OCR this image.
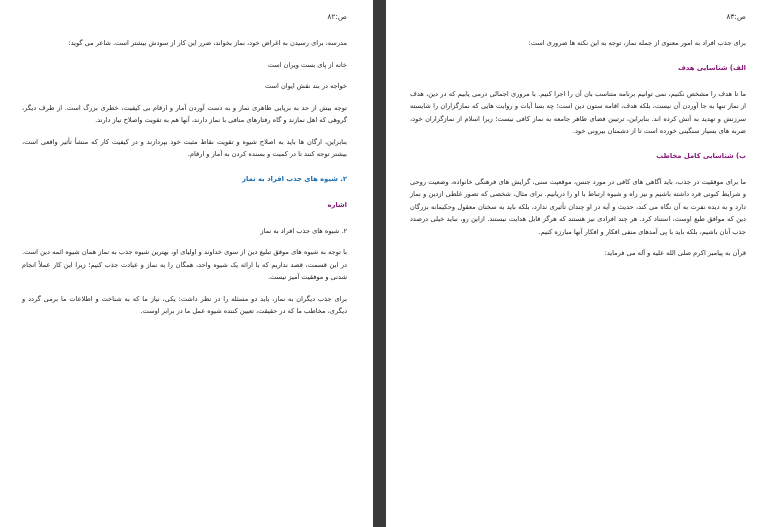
ص:۸۲

مدرسه، برای رسیدن به اغراض خود، نماز بخواند، ضرر این کار از سودش بیشتر است. شاعر می گوید:

خانه از پای بست ویران است

خواجه در بند نقش ایوان است

توجه بیش از حد به برپایی ظاهری نماز و به دست آوردن آمار و ارقام بی کیفیت، خطری بزرگ است. از طرف دیگر، گروهی که اهل نمازند و گاه رفتارهای منافی با نماز دارند، آنها هم به تقویت واصلاح نیاز دارند.

بنابراین، ارگان ها باید به اصلاح شیوه و تقویت نقاط مثبت خود بپردازند و در کیفیت کار که منشأ تأثیر واقعی است، بیشتر توجه کنند تا در کمیت و بسنده کردن به آمار و ارقام.

۲. شیوه های جذب افراد به نماز
اشاره

۲. شیوه های جذب افراد به نماز

با توجه به شیوه های موفق تبلیغ دین از سوی خداوند و اولیای او، بهترین شیوه جذب به نماز همان شیوه ائمه دین است. در این قسمت، قصد نداریم که با ارائه یک شیوه واحد، همگان را به نماز و عبادت جذب کنیم؛ زیرا این کار عملاً انجام شدنی و موفقیت آمیز نیست.

برای جذب دیگران به نماز، باید دو مسئله را در نظر داشت: یکی، نیاز ما که به شناخت و اطلاعات ما برمی گردد و دیگری، مخاطب ما که در حقیقت، تعیین کننده شیوه عمل ما در برابر اوست.

ص:۸۳

برای جذب افراد به امور معنوی از جمله نماز، توجه به این نکته ها ضروری است:

الف) شناسایی هدف

ما تا هدف را مشخص نکنیم، نمی توانیم برنامه متناسب بان آن را اجرا کنیم. با مروری اجمالی درمی یابیم که در دین، هدف از نماز تنها به جا آوردن آن نیست، بلکه هدف، اقامه ستون دین است؛ چه بسا آیات و روایت هایی که نمازگزاران را شایسته سرزنش و تهدید به آتش کرده اند. بنابراین، ترتیبن فضای ظاهر جامعه به نماز کافی نیست؛ زیرا اسلام از نمازگزاران خود، ضربه های بسیار سنگینی خورده است تا از دشمنان بیرونی خود.

ب) شناسایی کامل مخاطب

ما برای موفقیت در جذب، باید آگاهی های کافی در مورد جنس، موقعیت سنی، گرایش های فرهنگی خانواده، وضعیت روحی و شرایط کنونی فرد داشته باشیم و نیز راه و شیوه ارتباط با او را دریابیم. برای مثال، شخصی که تصور غلطی ازدین و نماز دارد و به دیده نفرت به آن نگاه می کند، حدیث و آیه در او چندان تأثیری ندارد، بلکه باید به سخنان معقول وحکیمانه بزرگان دین که موافق طبع اوست، استناد کرد. هر چند افرادی نیز هستند که هرگز قابل هدایت نیستند. ازاین رو، نباید خیلی درصدد جذب آنان باشیم، بلکه باید با پی آمدهای منفی افکار و افکار آنها مبارزه کنیم.

قرآن به پیامبر اکرم صلی الله علیه و آله می فرماید:
